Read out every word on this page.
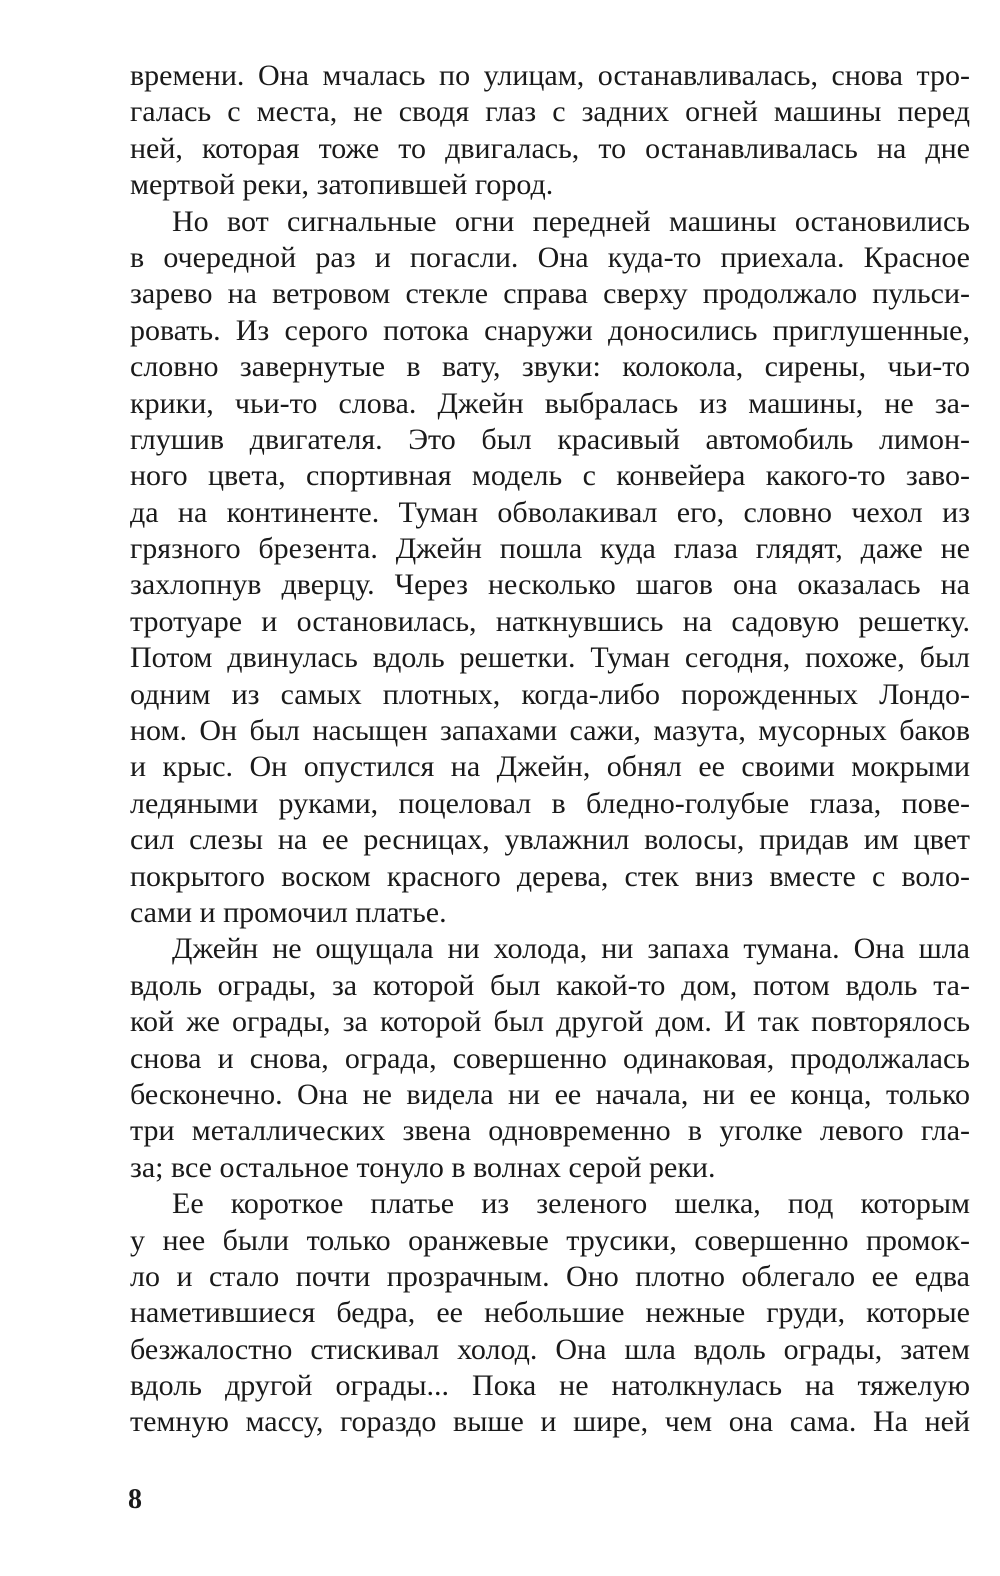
времени. Она мчалась по улицам, останавливалась, снова тро-
галась с места, не сводя глаз с задних огней машины перед
ней, которая тоже то двигалась, то останавливалась на дне
мертвой реки, затопившей город.
Но вот сигнальные огни передней машины остановились
в очередной раз и погасли. Она куда-то приехала. Красное
зарево на ветровом стекле справа сверху продолжало пульси-
ровать. Из серого потока снаружи доносились приглушенные,
словно завернутые в вату, звуки: колокола, сирены, чьи-то
крики, чьи-то слова. Джейн выбралась из машины, не за-
глушив двигателя. Это был красивый автомобиль лимон-
ного цвета, спортивная модель с конвейера какого-то заво-
да на континенте. Туман обволакивал его, словно чехол из
грязного брезента. Джейн пошла куда глаза глядят, даже не
захлопнув дверцу. Через несколько шагов она оказалась на
тротуаре и остановилась, наткнувшись на садовую решетку.
Потом двинулась вдоль решетки. Туман сегодня, похоже, был
одним из самых плотных, когда-либо порожденных Лондо-
ном. Он был насыщен запахами сажи, мазута, мусорных баков
и крыс. Он опустился на Джейн, обнял ее своими мокрыми
ледяными руками, поцеловал в бледно-голубые глаза, пове-
сил слезы на ее ресницах, увлажнил волосы, придав им цвет
покрытого воском красного дерева, стек вниз вместе с воло-
сами и промочил платье.
Джейн не ощущала ни холода, ни запаха тумана. Она шла
вдоль ограды, за которой был какой-то дом, потом вдоль та-
кой же ограды, за которой был другой дом. И так повторялось
снова и снова, ограда, совершенно одинаковая, продолжалась
бесконечно. Она не видела ни ее начала, ни ее конца, только
три металлических звена одновременно в уголке левого гла-
за; все остальное тонуло в волнах серой реки.
Ее короткое платье из зеленого шелка, под которым
у нее были только оранжевые трусики, совершенно промок-
ло и стало почти прозрачным. Оно плотно облегало ее едва
наметившиеся бедра, ее небольшие нежные груди, которые
безжалостно стискивал холод. Она шла вдоль ограды, затем
вдоль другой ограды... Пока не натолкнулась на тяжелую
темную массу, гораздо выше и шире, чем она сама. На ней
8
